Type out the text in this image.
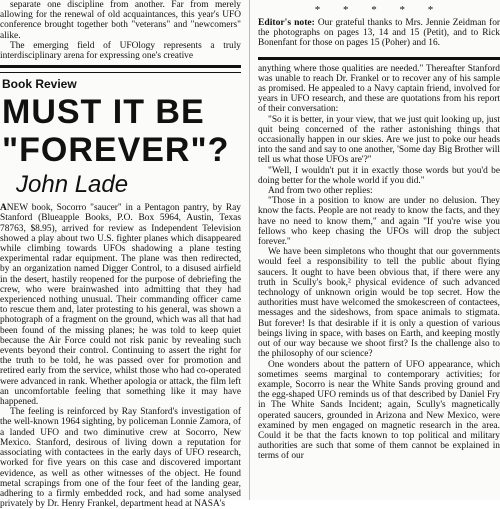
separate one discipline from another. Far from merely allowing for the renewal of old acquaintances, this year's UFO conference brought together both "veterans" and "newcomers" alike.

The emerging field of UFOlogy represents a truly interdisciplinary arena for expressing one's creative

Book Review
MUST IT BE
"FOREVER"?
John Lade

ANEW book, Socorro "saucer" in a Pentagon pantry, by Ray Stanford (Blueapple Books, P.O. Box 5964, Austin, Texas 78763, $8.95), arrived for review as Independent Television showed a play about two U.S. fighter planes which disappeared while climbing towards UFOs shadowing a plane testing experimental radar equipment. The plane was then redirected, by an organization named Digger Control, to a disused airfield in the desert, hastily reopened for the purpose of debriefing the crew, who were brainwashed into admitting that they had experienced nothing unusual. Their commanding officer came to rescue them and, later protesting to his general, was shown a photograph of a fragment on the ground, which was all that had been found of the missing planes; he was told to keep quiet because the Air Force could not risk panic by revealing such events beyond their control. Continuing to assert the right for the truth to be told, he was passed over for promotion and retired early from the service, whilst those who had co-operated were advanced in rank. Whether apologia or attack, the film left an uncomfortable feeling that something like it may have happened.

The feeling is reinforced by Ray Stanford's investigation of the well-known 1964 sighting, by policeman Lonnie Zamora, of a landed UFO and two diminutive crew at Socorro, New Mexico. Stanford, desirous of living down a reputation for associating with contactees in the early days of UFO research, worked for five years on this case and discovered important evidence, as well as other witnesses of the object. He found metal scrapings from one of the four feet of the landing gear, adhering to a firmly embedded rock, and had some analysed privately by Dr. Henry Frankel, department head at NASA's

* * * * *

Editor's note: Our grateful thanks to Mrs. Jennie Zeidman for the photographs on pages 13, 14 and 15 (Petit), and to Rick Bonenfant for those on pages 15 (Poher) and 16.

anything where those qualities are needed." Thereafter Stanford was unable to reach Dr. Frankel or to recover any of his sample as promised. He appealed to a Navy captain friend, involved for years in UFO research, and these are quotations from his report of their conversation:

"So it is better, in your view, that we just quit looking up, just quit being concerned of the rather astonishing things that occasionally happen in our skies. Are we just to poke our heads into the sand and say to one another, 'Some day Big Brother will tell us what those UFOs are'?"

"Well, I wouldn't put it in exactly those words but you'd be doing better for the whole world if you did."

And from two other replies:

"Those in a position to know are under no delusion. They know the facts. People are not ready to know the facts, and they have no need to know them," and again "If you're wise you fellows who keep chasing the UFOs will drop the subject forever."

We have been simpletons who thought that our governments would feel a responsibility to tell the public about flying saucers. It ought to have been obvious that, if there were any truth in Scully's book,² physical evidence of such advanced technology of unknown origin would be top secret. How the authorities must have welcomed the smokescreen of contactees, messages and the sideshows, from space animals to stigmata. But forever! Is that desirable if it is only a question of various beings living in space, with bases on Earth, and keeping mostly out of our way because we shoot first? Is the challenge also to the philosophy of our science?

One wonders about the pattern of UFO appearance, which sometimes seems marginal to contemporary activities; for example, Socorro is near the White Sands proving ground and the egg-shaped UFO reminds us of that described by Daniel Fry in The White Sands Incident; again, Scully's magnetically operated saucers, grounded in Arizona and New Mexico, were examined by men engaged on magnetic research in the area. Could it be that the facts known to top political and military authorities are such that some of them cannot be explained in terms of our
